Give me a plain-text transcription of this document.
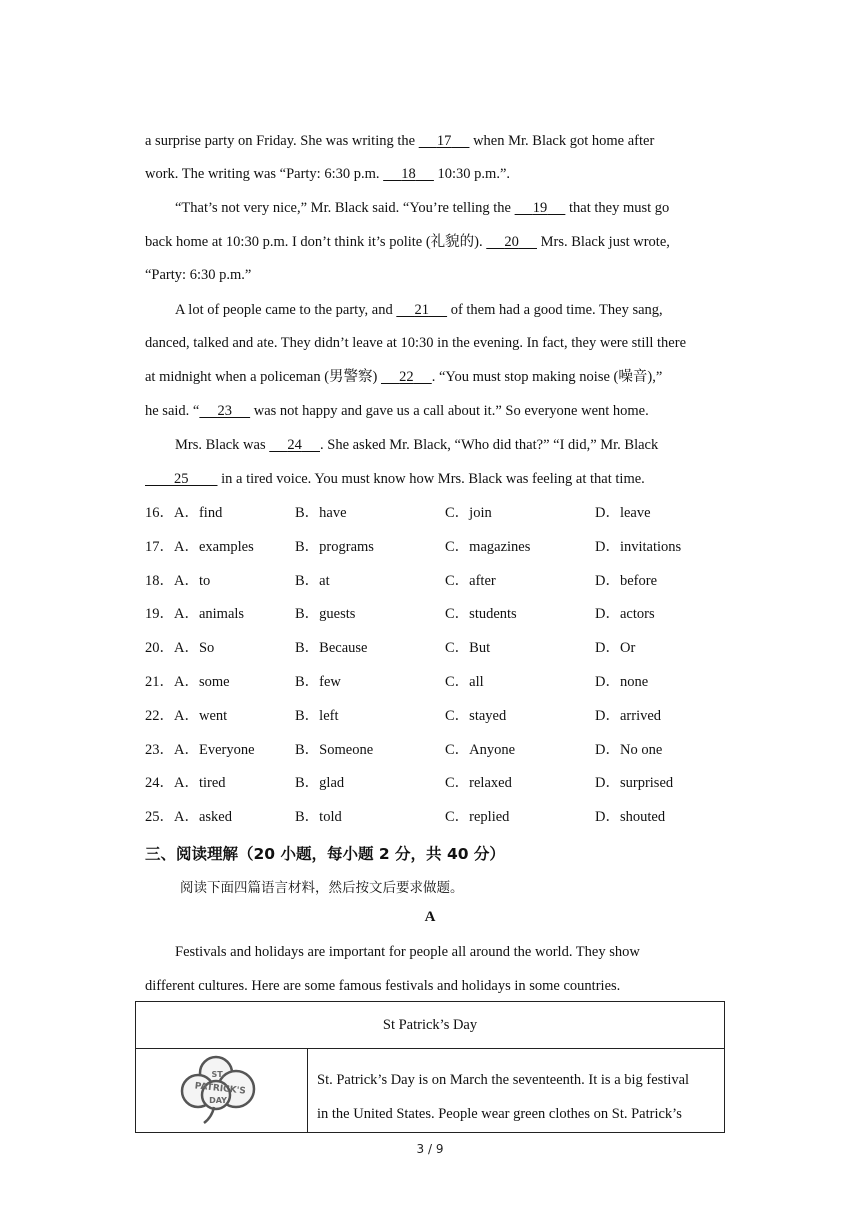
a surprise party on Friday. She was writing the      17      when Mr. Black got home after
work. The writing was “Party: 6:30 p.m.      18      10:30 p.m.”.
“That’s not very nice,” Mr. Black said. “You’re telling the      19      that they must go
back home at 10:30 p.m. I don’t think it’s polite (礼貌的).      20      Mrs. Black just wrote,
“Party: 6:30 p.m.”
A lot of people came to the party, and      21      of them had a good time. They sang,
danced, talked and ate. They didn’t leave at 10:30 in the evening. In fact, they were still there
at midnight when a policeman (男警察)      22 . “You must stop making noise (噪音),”
he said. “ 23      was not happy and gave us a call about it.” So everyone went home.
Mrs. Black was      24 . She asked Mr. Black, “Who did that?” “I did,” Mr. Black
25         in a tired voice. You must know how Mrs. Black was feeling at that time.
16．A．find	B．have	C．join	D．leave
17．A．examples	B．programs	C．magazines	D．invitations
18．A．to	B．at	C．after	D．before
19．A．animals	B．guests	C．students	D．actors
20．A．So	B．Because	C．But	D．Or
21．A．some	B．few	C．all	D．none
22．A．went	B．left	C．stayed	D．arrived
23．A．Everyone	B．Someone	C．Anyone	D．No one
24．A．tired	B．glad	C．relaxed	D．surprised
25．A．asked	B．told	C．replied	D．shouted
三、阅读理解（20 小题，每小题 2 分，共 40 分）
阅读下面四篇语言材料，然后按文后要求做题。
A
Festivals and holidays are important for people all around the world. They show
different cultures. Here are some famous festivals and holidays in some countries.
St Patrick’s Day

ST.
PATRICK'S
DAY

St. Patrick’s Day is on March the seventeenth. It is a big festival
in the United States. People wear green clothes on St. Patrick’s
3 / 9
